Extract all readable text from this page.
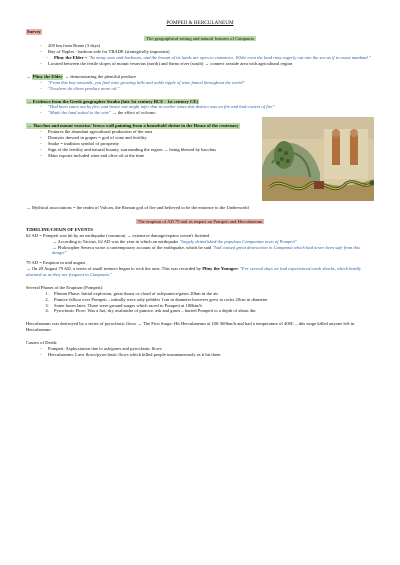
POMPEII & HERCULANEUM
Survey
The geographical setting and natural features of Campania
- 200 km from Rome (3 days)
- Bay of Naples - harbour side for TRADE (strategically important)
- Pliny the Elder = "Its many seas and harbours, and the bosom of its lands are open to commerce. While even the land runs eagerly out into the sea as if to assist mankind."
- Located between the fertile slopes of mount vesuvius (north) and Sarno river (south) → connect seaside area with agricultural region
→ Pliny the Elder → demonstrating the plentiful produce
- "From this bay onwards, you find wine growing hills and noble tipple of wine famed throughout the world"
- "Nowhere do olives produce more oil."
→ Evidence from the Greek geographer Strabo (late 1st century BCE - 1st century CE)
- "Had been eaten out by fire; and hence one might infer that in earlier times this district was on fire and had craters of fire"
- "Made the land suited to the vine" → the effect of volcano
→ 'Bacchus and mount vesuvius' fresco wall painting from a household shrine in the House of the centenary
- Features the abundant agricultural production of the area
- Dionysis dressed in grapes = god of wine and fertility
- Snake = tradition symbol of prosperity
- Sign of the fertility and natural bounty, surrounding the region → being blessed by bacchus
- Main exports included wine and olive oil at the time
→ Mythical associations = the realm of Vulcan, the Roman god of fire and believed to be the entrance to the Underworld
The eruption of AD 79 and its impact on Pompeii and Herculaneum
TIMELINE/CHAIN OF EVENTS
62 AD = Pompeii was hit by an earthquake (common) → extensive damage/repairs weren't finished
→ According to Tacitus, 62 AD was the year in which an earthquake "largely demolished the populous Campanian town of Pompeii"
→ Philosopher Seneca wrote a contemporary account of the earthquake, which he said "had caused great destruction in Campania which had never been safe from this danger"
79 AD = Eruption in mid august
→ On 20 August 79 AD, a series of small tremors began to rock the area. This was recorded by Pliny the Younger: "For several days we had experienced earth shocks, which hardly alarmed us as they are frequent in Campania."
Several Phases of the Eruption (Pompeii):
1. Plinian Phase: Initial explosion, great thrust or cloud of ash/pumice/gases 20km in the air
2. Pumice fallout over Pompeii – initially were only pebbles 1cm in diameter however grew to rocks 20cm in diameter
3. Some hours later: There were ground surges which raced to Pompeii at 100km/h
4. Pyroclastic Flow: Was a hot, dry avalanche of pumice, ash and gases – buried Pompeii to a depth of about 4m
Herculaneum was destroyed by a series of pyroclastic flows → The First Surge: Hit Herculaneum at 100-300km/h and had a temperature of 400C – this surge killed anyone left in Herculaneum
Causes of Death:
- Pompeii: Asphyxiation due to ash/gases and pyroclastic flows
- Herculaneum: Lava flows/pyroclastic flows which killed people instantaneously as it hit them
